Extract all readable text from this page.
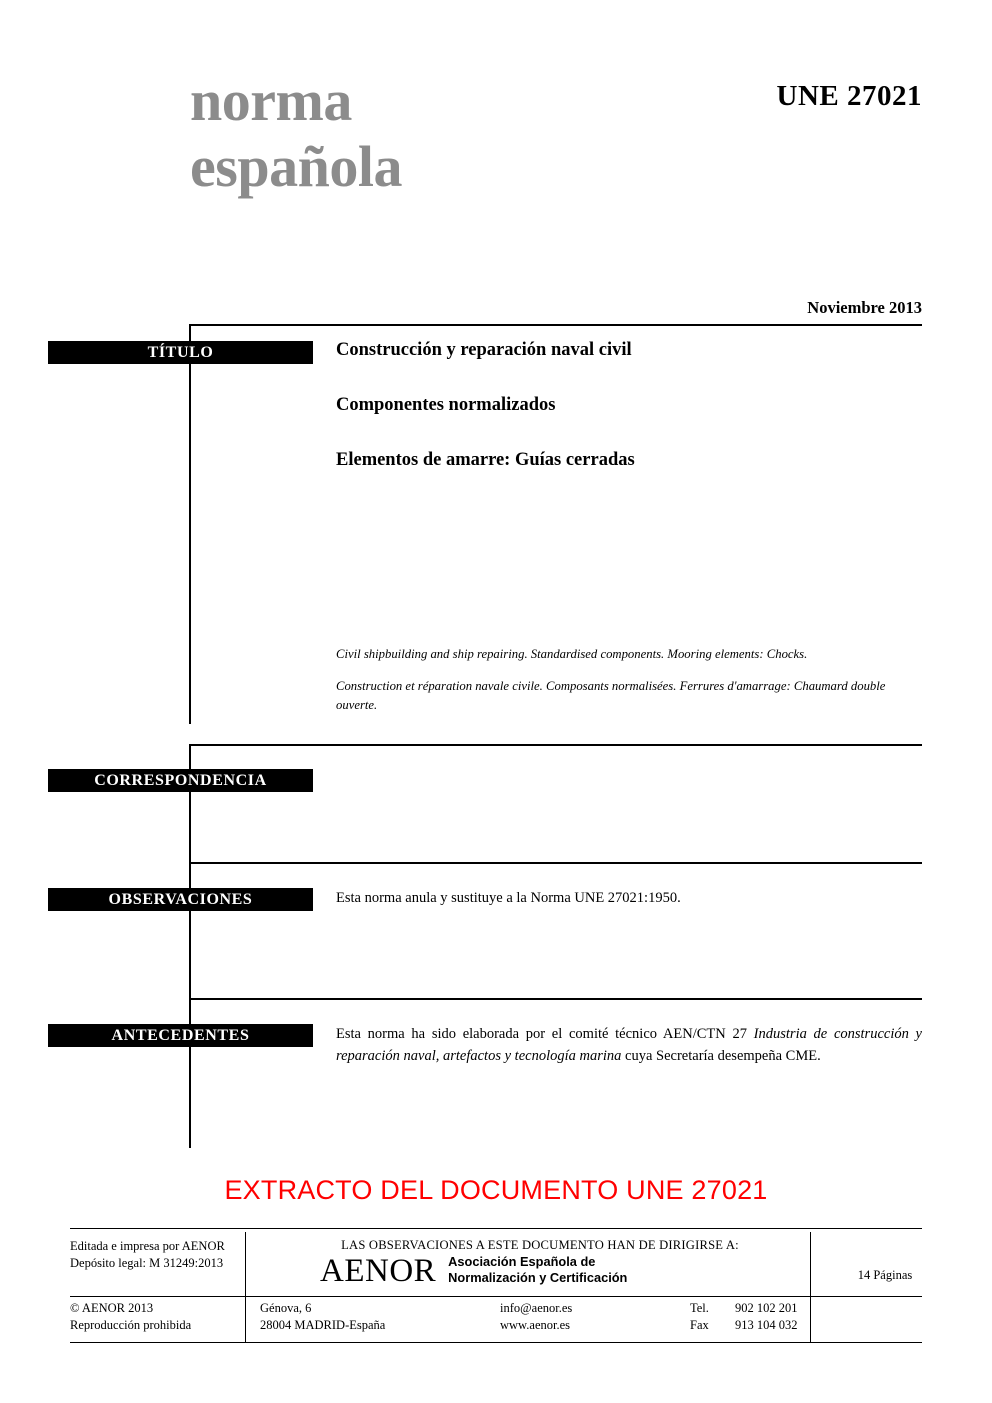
norma
española
UNE 27021
Noviembre 2013
TÍTULO
CORRESPONDENCIA
OBSERVACIONES
ANTECEDENTES
Construcción y reparación naval civil
Componentes normalizados
Elementos de amarre: Guías cerradas

Civil shipbuilding and ship repairing. Standardised components. Mooring elements: Chocks.

Construction et réparation navale civile. Composants normalisées. Ferrures d'amarrage: Chaumard double ouverte.

Esta norma anula y sustituye a la Norma UNE 27021:1950.
Esta norma ha sido elaborada por el comité técnico AEN/CTN 27 Industria de construcción y reparación naval, artefactos y tecnología marina cuya Secretaría desempeña CME.
EXTRACTO DEL DOCUMENTO UNE 27021
Editada e impresa por AENOR
Depósito legal: M 31249:2013
© AENOR 2013
Reproducción prohibida
LAS OBSERVACIONES A ESTE DOCUMENTO HAN DE DIRIGIRSE A:
AENOR Asociación Española de
Normalización y Certificación
Génova, 6
28004 MADRID-España
info@aenor.es
www.aenor.es
Tel.
Fax
902 102 201
913 104 032
14 Páginas
